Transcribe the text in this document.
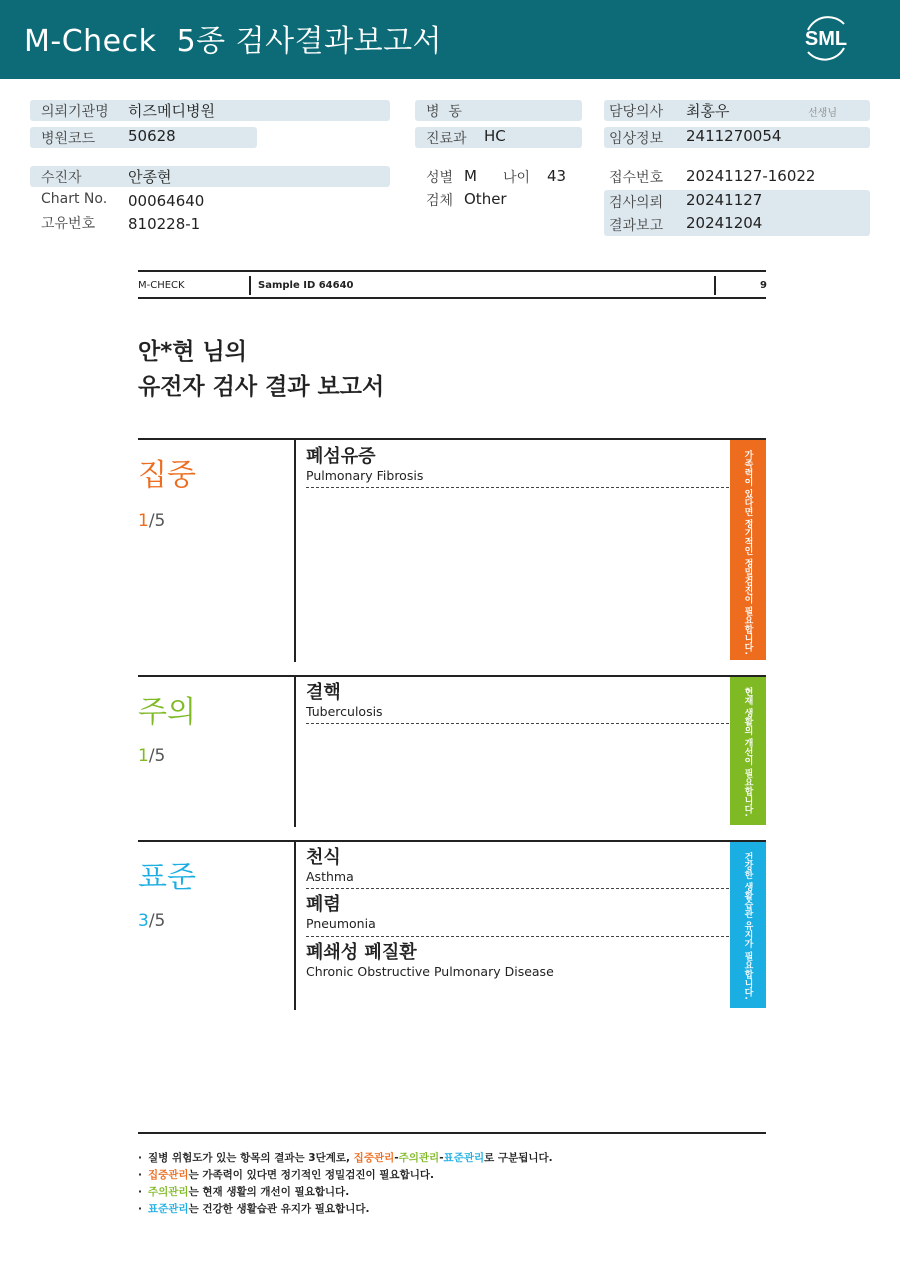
M-Check  5종 검사결과보고서	SML
의뢰기관명 히즈메디병원
병원코드 50628
병  동
진료과 HC
담당의사 최홍우	선생님
임상정보 2411270054
수진자	안종현
Chart No. 00064640
고유번호 810228-1
성별 M 나이 43
검체 Other
접수번호 20241127-16022
검사의뢰 20241127
결과보고 20241204
M-CHECK	Sample ID 64640	9
안*현 님의
유전자 검사 결과 보고서
집중
1/5
폐섬유증
Pulmonary Fibrosis	가족력이 있다면 정기적인 정밀검진이 필요합니다.
주의
1/5
결핵
Tuberculosis	현재 생활의 개선이 필요합니다.
표준
3/5
천식
Asthma
폐렴
Pneumonia
폐쇄성 폐질환
Chronic Obstructive Pulmonary Disease	건강한 생활습관 유지가 필요합니다.
· 질병 위험도가 있는 항목의 결과는 3단계로, 집중관리-주의관리-표준관리로 구분됩니다.
· 집중관리는 가족력이 있다면 정기적인 정밀검진이 필요합니다.
· 주의관리는 현재 생활의 개선이 필요합니다.
· 표준관리는 건강한 생활습관 유지가 필요합니다.
